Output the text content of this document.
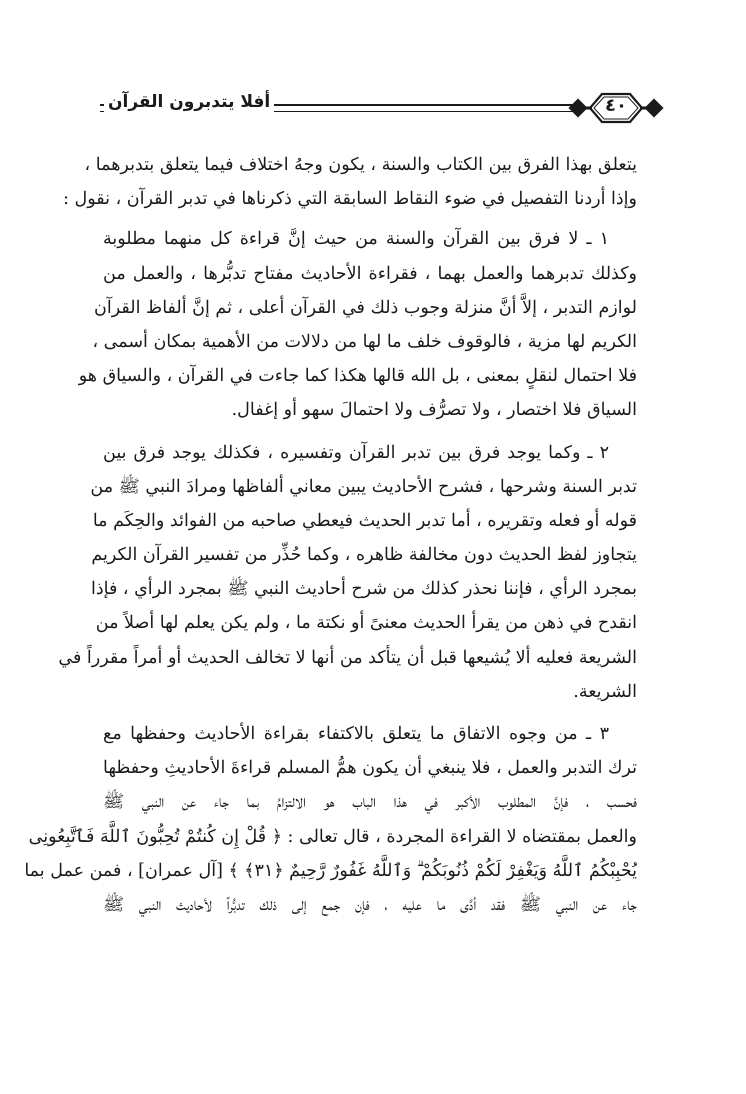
أفلا يتدبرون القرآن	٤٠
يتعلق بهذا الفرق بين الكتاب والسنة ، يكون وجهُ اختلاف فيما يتعلق بتدبرهما ،
وإذا أردنا التفصيل في ضوء النقاط السابقة التي ذكرناها في تدبر القرآن ، نقول :
١ ـ لا فرق بين القرآن والسنة من حيث إنَّ قراءة كل منهما مطلوبة
وكذلك تدبرهما والعمل بهما ، فقراءة الأحاديث مفتاح تدبُّرها ، والعمل من
لوازم التدبر ، إلاَّ أنَّ منزلة وجوب ذلك في القرآن أعلى ، ثم إنَّ ألفاظ القرآن
الكريم لها مزية ، فالوقوف خلف ما لها من دلالات من الأهمية بمكان أسمى ،
فلا احتمال لنقلٍ بمعنى ، بل الله قالها هكذا كما جاءت في القرآن ، والسياق هو
السياق فلا اختصار ، ولا تصرُّف ولا احتمالَ سهو أو إغفال.
٢ ـ وكما يوجد فرق بين تدبر القرآن وتفسيره ، فكذلك يوجد فرق بين
تدبر السنة وشرحها ، فشرح الأحاديث يبين معاني ألفاظها ومرادَ النبي ﷺ من
قوله أو فعله وتقريره ، أما تدبر الحديث فيعطي صاحبه من الفوائد والحِكَم ما
يتجاوز لفظ الحديث دون مخالفة ظاهره ، وكما حُذِّر من تفسير القرآن الكريم
بمجرد الرأي ، فإننا نحذر كذلك من شرح أحاديث النبي ﷺ بمجرد الرأي ، فإذا
انقدح في ذهن من يقرأ الحديث معنىً أو نكتة ما ، ولم يكن يعلم لها أصلاً من
الشريعة فعليه ألا يُشيعها قبل أن يتأكد من أنها لا تخالف الحديث أو أمراً مقرراً في
الشريعة.
٣ ـ من وجوه الاتفاق ما يتعلق بالاكتفاء بقراءة الأحاديث وحفظها مع
ترك التدبر والعمل ، فلا ينبغي أن يكون همُّ المسلم قراءةَ الأحاديثِ وحفظها
فحسب ، فإنَّ المطلوب الأكبر في هذا الباب هو الالتزامُ بما جاء عن النبي ﷺ
والعمل بمقتضاه لا القراءة المجردة ، قال تعالى : ﴿ قُلْ إِن كُنتُمْ تُحِبُّونَ ٱللَّهَ فَٱتَّبِعُونِى
يُحْبِبْكُمُ ٱللَّهُ وَيَغْفِرْ لَكُمْ ذُنُوبَكُمْ ۗ وَٱللَّهُ غَفُورٌ رَّحِيمٌ ﴿٣١﴾ ﴾ [آل عمران] ، فمن عمل بما
جاء عن النبي ﷺ فقد أدَّى ما عليه ، فإن جمع إلى ذلك تدبُّراً لأحاديث النبي ﷺ
